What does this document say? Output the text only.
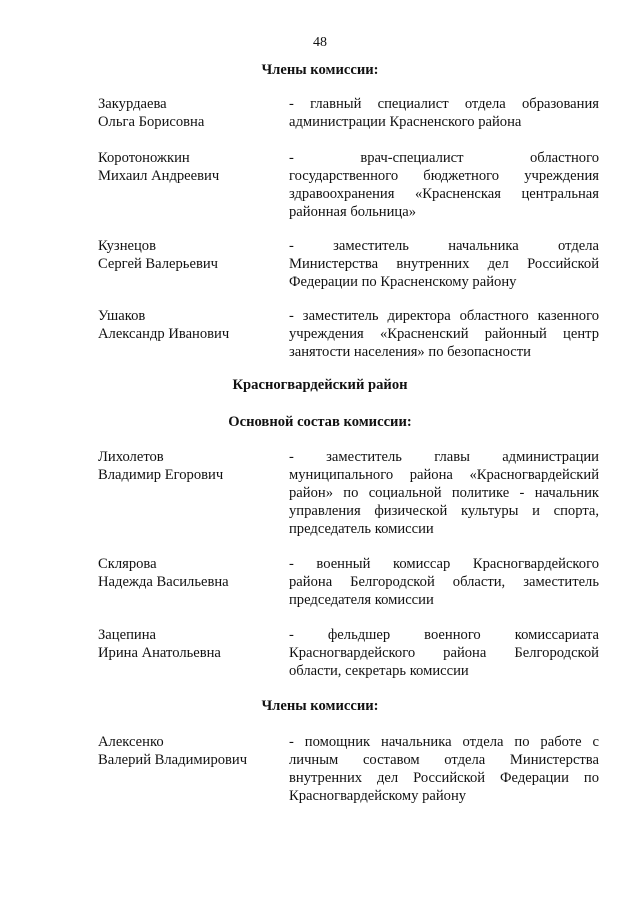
48
Члены комиссии:
Закурдаева
Ольга Борисовна
- главный специалист отдела образования
администрации Красненского района
Коротоножкин
Михаил Андреевич
- врач-специалист областного
государственного бюджетного учреждения
здравоохранения «Красненская центральная
районная больница»
Кузнецов
Сергей Валерьевич
- заместитель начальника отдела
Министерства внутренних дел Российской
Федерации по Красненскому району
Ушаков
Александр Иванович
- заместитель директора областного казенного
учреждения «Красненский районный центр
занятости населения» по безопасности
Красногвардейский район
Основной состав комиссии:
Лихолетов
Владимир Егорович
- заместитель главы администрации
муниципального района «Красногвардейский
район» по социальной политике - начальник
управления физической культуры и спорта,
председатель комиссии
Склярова
Надежда Васильевна
- военный комиссар Красногвардейского
района Белгородской области, заместитель
председателя комиссии
Зацепина
Ирина Анатольевна
- фельдшер военного комиссариата
Красногвардейского района Белгородской
области, секретарь комиссии
Члены комиссии:
Алексенко
Валерий Владимирович
- помощник начальника отдела по работе с
личным составом отдела Министерства
внутренних дел Российской Федерации по
Красногвардейскому району
